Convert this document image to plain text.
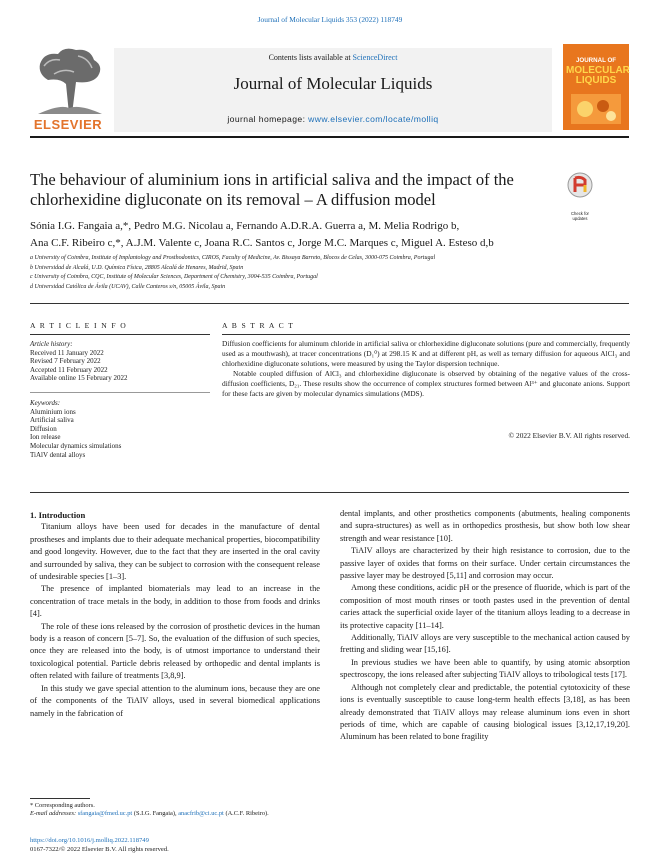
Journal of Molecular Liquids 353 (2022) 118749
ELSEVIER
Contents lists available at ScienceDirect
Journal of Molecular Liquids
journal homepage: www.elsevier.com/locate/molliq
JOURNAL OF
MOLECULAR LIQUIDS
The behaviour of aluminium ions in artificial saliva and the impact of the chlorhexidine digluconate on its removal – A diffusion model
Check for updates
Sónia I.G. Fangaia a,*, Pedro M.G. Nicolau a, Fernando A.D.R.A. Guerra a, M. Melia Rodrigo b,
Ana C.F. Ribeiro c,*, A.J.M. Valente c, Joana R.C. Santos c, Jorge M.C. Marques c, Miguel A. Esteso d,b
a University of Coimbra, Institute of Implantology and Prosthodontics, CIROS, Faculty of Medicine, Av. Bissaya Barreto, Blocos de Celas, 3000-075 Coimbra, Portugal
b Universidad de Alcalá, U.D. Química Física, 28805 Alcalá de Henares, Madrid, Spain
c University of Coimbra, CQC, Institute of Molecular Sciences, Department of Chemistry, 3004-535 Coimbra, Portugal
d Universidad Católica de Ávila (UCAV), Calle Canteros s/n, 05005 Ávila, Spain
A R T I C L E I N F O
Article history:
Received 11 January 2022
Revised 7 February 2022
Accepted 11 February 2022
Available online 15 February 2022
Keywords:
Aluminium ions
Artificial saliva
Diffusion
Ion release
Molecular dynamics simulations
TiAlV dental alloys
A B S T R A C T
Diffusion coefficients for aluminum chloride in artificial saliva or chlorhexidine digluconate solutions (pure and commercially, frequently used as a mouthwash), at tracer concentrations (D₁⁰) at 298.15 K and at different pH, as well as ternary diffusion for aqueous AlCl₃ and chlorhexidine digluconate solutions, were measured by using the Taylor dispersion technique.
Notable coupled diffusion of AlCl₃ and chlorhexidine digluconate is observed by obtaining of the negative values of the cross-diffusion coefficients, D₂₁. These results show the occurrence of complex structures formed between Al³⁺ and gluconate anions. Support for these facts are given by molecular dynamics simulations (MDS).
© 2022 Elsevier B.V. All rights reserved.

1. Introduction

Titanium alloys have been used for decades in the manufacture of dental prostheses and implants due to their adequate mechanical properties, biocompatibility and good longevity. However, due to the fact that they are inserted in the oral cavity and surrounded by saliva, they can be subject to corrosion with the consequent release of undesirable species [1–3].

The presence of implanted biomaterials may lead to an increase in the concentration of trace metals in the body, in addition to those from foods and drinks [4].

The role of these ions released by the corrosion of prosthetic devices in the human body is a reason of concern [5–7]. So, the evaluation of the diffusion of such species, once they are released into the body, is of utmost importance to understand their toxicological potential. Particle debris released by orthopedic and dental implants is often related with failure of treatments [3,8,9].

In this study we gave special attention to the aluminum ions, because they are one of the components of the TiAlV alloys, used in several biomedical applications namely in the fabrication of

dental implants, and other prosthetics components (abutments, healing components and supra-structures) as well as in orthopedics prosthesis, but show both low shear strength and wear resistance [10].

TiAlV alloys are characterized by their high resistance to corrosion, due to the passive layer of oxides that forms on their surface. Under certain circumstances the passive layer may be destroyed [5,11] and corrosion may occur.

Among these conditions, acidic pH or the presence of fluoride, which is part of the composition of most mouth rinses or tooth pastes used in the prevention of dental caries attack the superficial oxide layer of the titanium alloys leading to a decrease in its protective capacity [11–14].

Additionally, TiAlV alloys are very susceptible to the mechanical action caused by fretting and sliding wear [15,16].

In previous studies we have been able to quantify, by using atomic absorption spectroscopy, the ions released after subjecting TiAlV alloys to tribological tests [17].

Although not completely clear and predictable, the potential cytotoxicity of these ions is eventually susceptible to cause long-term health effects [3,18], as has been already demonstrated that TiAlV alloys may release aluminum ions even in short periods of time, which are capable of causing biological issues [3,12,17,19,20]. Aluminum has been related to bone fragility

* Corresponding authors.
https://doi.org/10.1016/j.molliq.2022.118749
0167-7322/© 2022 Elsevier B.V. All rights reserved.
E-mail addresses: sfangaia@fmed.uc.pt (S.I.G. Fangaia), anacfrib@ci.uc.pt (A.C.F. Ribeiro).
